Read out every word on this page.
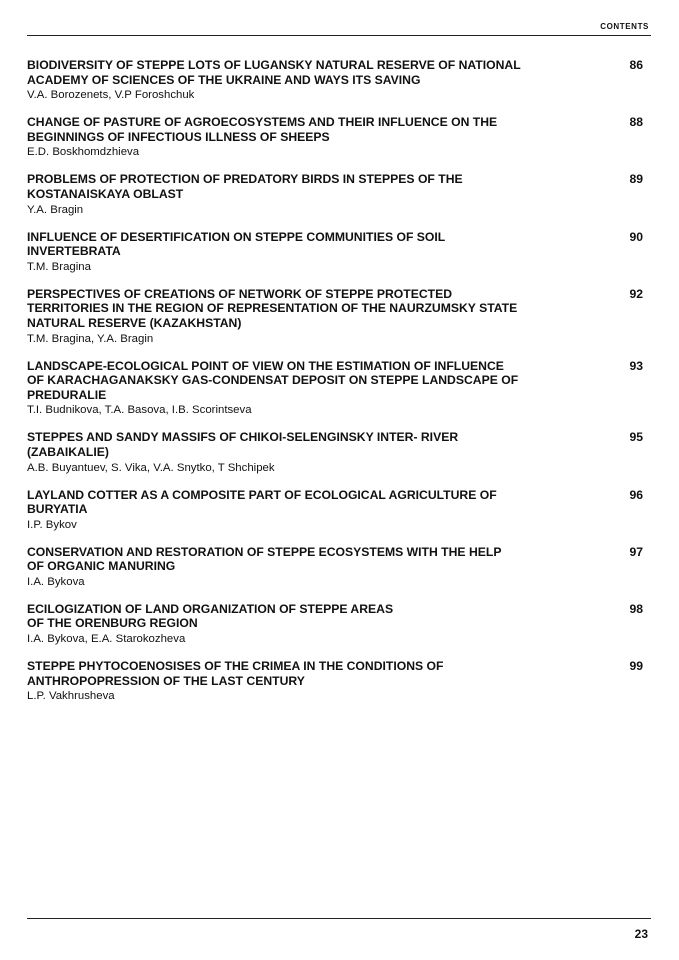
CONTENTS

BIODIVERSITY OF STEPPE LOTS OF LUGANSKY NATURAL RESERVE OF NATIONAL
ACADEMY OF SCIENCES OF THE UKRAINE AND WAYS ITS SAVING

86

V.A. Borozenets, V.P Foroshchuk

CHANGE OF PASTURE OF AGROECOSYSTEMS AND THEIR INFLUENCE ON THE
BEGINNINGS OF INFECTIOUS ILLNESS OF SHEEPS

88

E.D. Boskhomdzhieva

PROBLEMS OF PROTECTION OF PREDATORY BIRDS IN STEPPES OF THE
KOSTANAISKAYA OBLAST

89

Y.A. Bragin

INFLUENCE OF DESERTIFICATION ON STEPPE COMMUNITIES OF SOIL
INVERTEBRATA

90

T.M. Bragina

PERSPECTIVES OF CREATIONS OF NETWORK OF STEPPE PROTECTED
TERRITORIES IN THE REGION OF REPRESENTATION OF THE NAURZUMSKY STATE
NATURAL RESERVE (KAZAKHSTAN)

92

T.M. Bragina, Y.A. Bragin

LANDSCAPE-ECOLOGICAL POINT OF VIEW ON THE ESTIMATION OF INFLUENCE
OF KARACHAGANAKSKY GAS-CONDENSAT DEPOSIT ON STEPPE LANDSCAPE OF
PREDURALIE

93

T.I. Budnikova, T.A. Basova, I.B. Scorintseva

STEPPES AND SANDY MASSIFS OF CHIKOI-SELENGINSKY INTER- RIVER
(ZABAIKALIE)

95

A.B. Buyantuev, S. Vika, V.A. Snytko, T Shchipek

LAYLAND COTTER AS A COMPOSITE PART OF ECOLOGICAL AGRICULTURE OF
BURYATIA

96

I.P. Bykov

CONSERVATION AND RESTORATION OF STEPPE ECOSYSTEMS WITH THE HELP
OF ORGANIC MANURING

97

I.A. Bykova

ECILOGIZATION OF LAND ORGANIZATION OF STEPPE AREAS
OF THE ORENBURG REGION

98

I.A. Bykova, E.A. Starokozheva

STEPPE PHYTOCOENOSISES OF THE CRIMEA IN THE CONDITIONS OF
ANTHROPOPRESSION OF THE LAST CENTURY

99

L.P. Vakhrusheva

23
